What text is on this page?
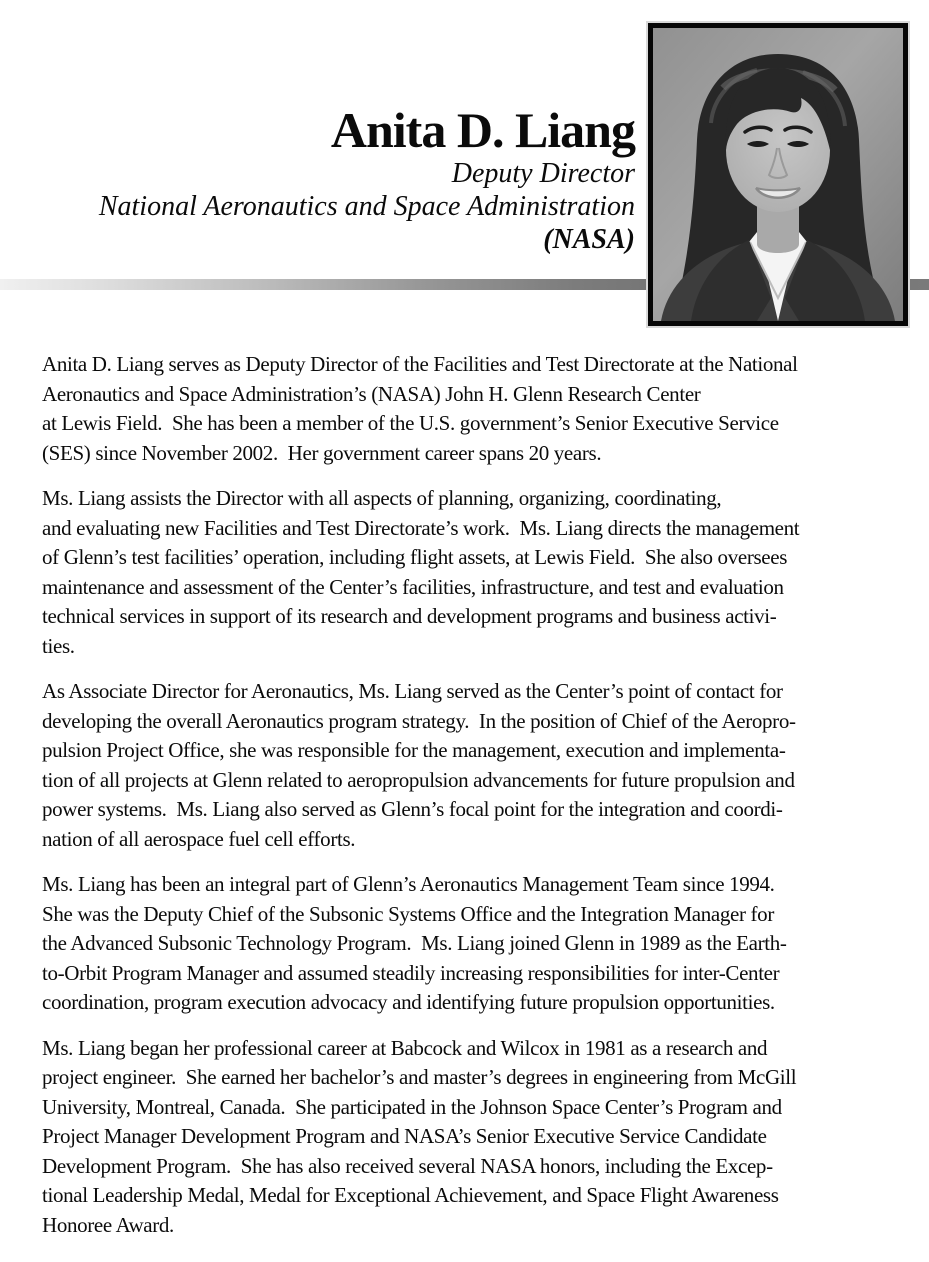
Anita D. Liang
Deputy Director
National Aeronautics and Space Administration
(NASA)
Anita D. Liang serves as Deputy Director of the Facilities and Test Directorate at the National
Aeronautics and Space Administration’s (NASA) John H. Glenn Research Center
at Lewis Field.  She has been a member of the U.S. government’s Senior Executive Service
(SES) since November 2002.  Her government career spans 20 years.
Ms. Liang assists the Director with all aspects of planning, organizing, coordinating,
and evaluating new Facilities and Test Directorate’s work.  Ms. Liang directs the management
of Glenn’s test facilities’ operation, including flight assets, at Lewis Field.  She also oversees
maintenance and assessment of the Center’s facilities, infrastructure, and test and evaluation
technical services in support of its research and development programs and business activi-
ties.
As Associate Director for Aeronautics, Ms. Liang served as the Center’s point of contact for
developing the overall Aeronautics program strategy.  In the position of Chief of the Aeropro-
pulsion Project Office, she was responsible for the management, execution and implementa-
tion of all projects at Glenn related to aeropropulsion advancements for future propulsion and
power systems.  Ms. Liang also served as Glenn’s focal point for the integration and coordi-
nation of all aerospace fuel cell efforts.
Ms. Liang has been an integral part of Glenn’s Aeronautics Management Team since 1994.
She was the Deputy Chief of the Subsonic Systems Office and the Integration Manager for
the Advanced Subsonic Technology Program.  Ms. Liang joined Glenn in 1989 as the Earth-
to-Orbit Program Manager and assumed steadily increasing responsibilities for inter-Center
coordination, program execution advocacy and identifying future propulsion opportunities.
Ms. Liang began her professional career at Babcock and Wilcox in 1981 as a research and
project engineer.  She earned her bachelor’s and master’s degrees in engineering from McGill
University, Montreal, Canada.  She participated in the Johnson Space Center’s Program and
Project Manager Development Program and NASA’s Senior Executive Service Candidate
Development Program.  She has also received several NASA honors, including the Excep-
tional Leadership Medal, Medal for Exceptional Achievement, and Space Flight Awareness
Honoree Award.
